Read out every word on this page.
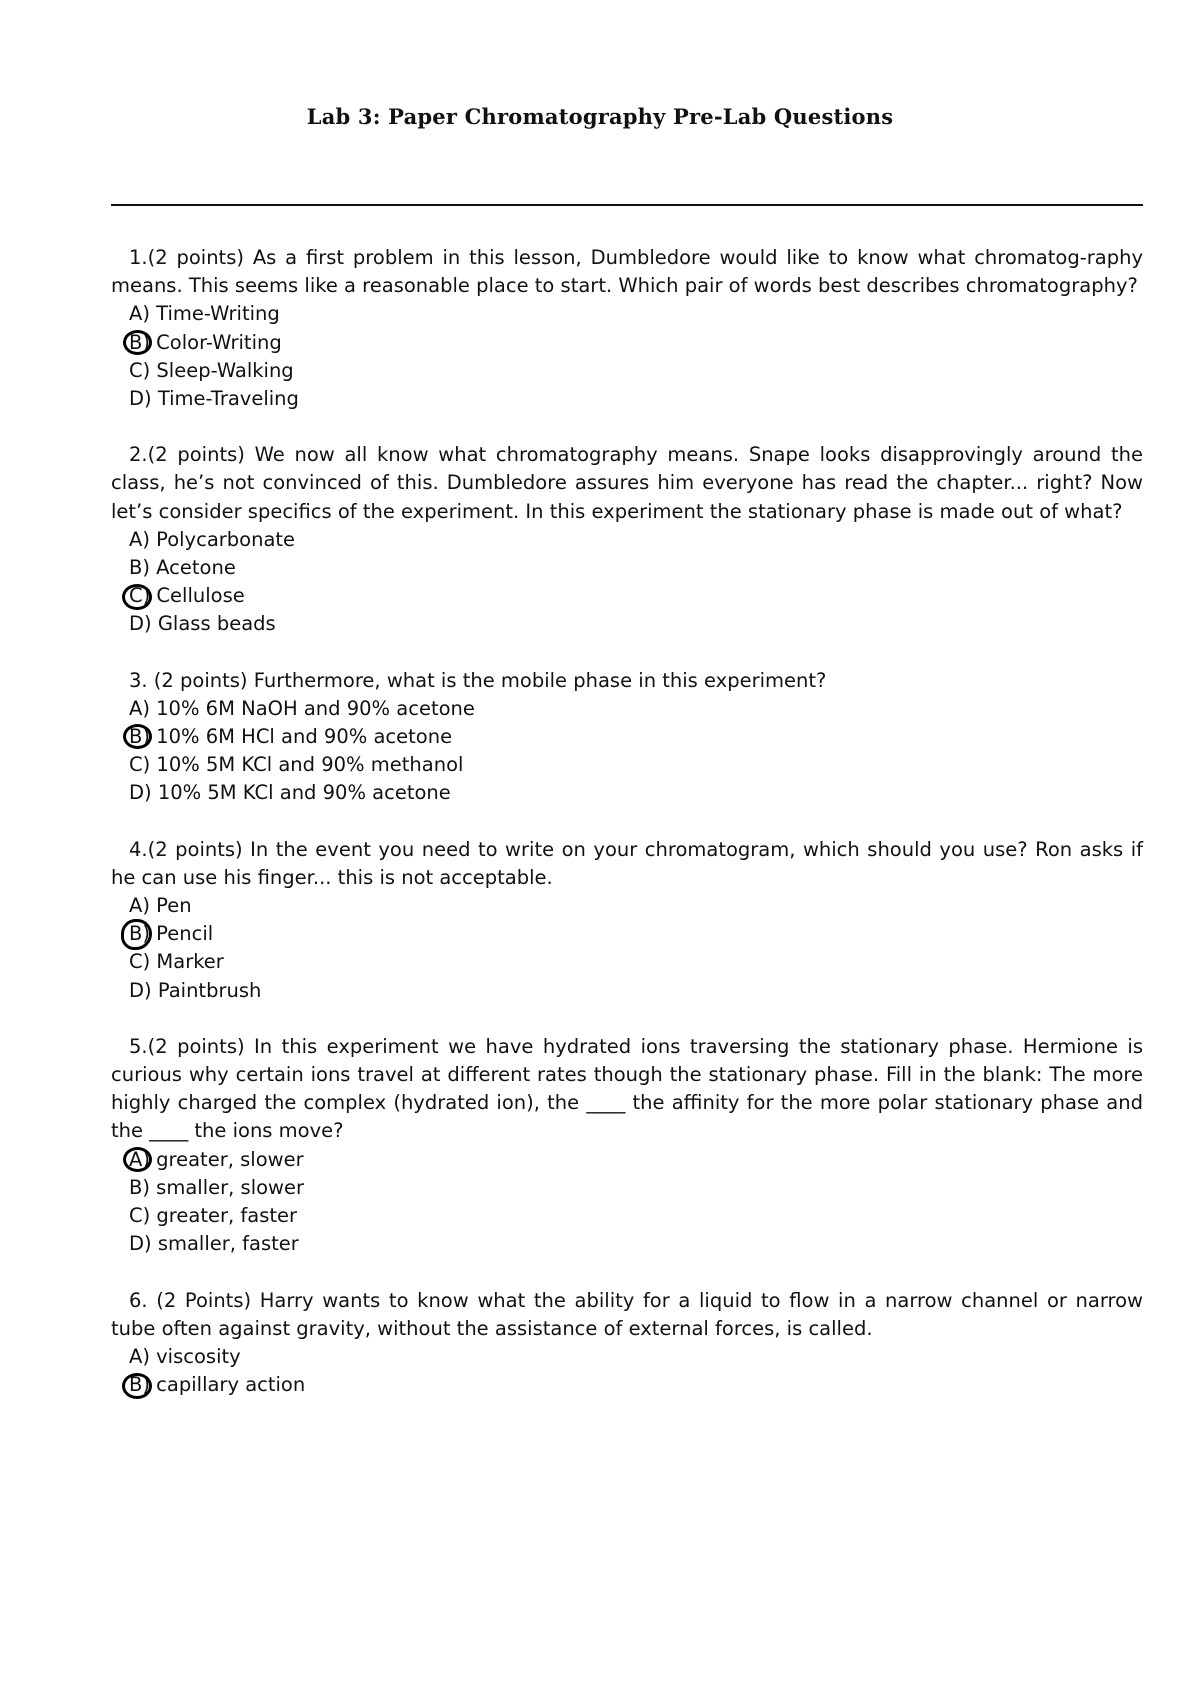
Lab 3: Paper Chromatography Pre-Lab Questions

1.(2 points) As a first problem in this lesson, Dumbledore would like to know what chromatog-raphy means. This seems like a reasonable place to start. Which pair of words best describes chromatography?

A) Time-Writing
B) Color-Writing
C) Sleep-Walking
D) Time-Traveling

2.(2 points) We now all know what chromatography means. Snape looks disapprovingly around the class, he’s not convinced of this. Dumbledore assures him everyone has read the chapter... right? Now let’s consider specifics of the experiment. In this experiment the stationary phase is made out of what?

A) Polycarbonate
B) Acetone
C) Cellulose
D) Glass beads

3. (2 points) Furthermore, what is the mobile phase in this experiment?

A) 10% 6M NaOH and 90% acetone
B) 10% 6M HCl and 90% acetone
C) 10% 5M KCl and 90% methanol
D) 10% 5M KCl and 90% acetone

4.(2 points) In the event you need to write on your chromatogram, which should you use? Ron asks if he can use his finger... this is not acceptable.

A) Pen
B) Pencil
C) Marker
D) Paintbrush

5.(2 points) In this experiment we have hydrated ions traversing the stationary phase. Hermione is curious why certain ions travel at different rates though the stationary phase. Fill in the blank: The more highly charged the complex (hydrated ion), the ____ the affinity for the more polar stationary phase and the ____ the ions move?

A) greater, slower
B) smaller, slower
C) greater, faster
D) smaller, faster

6. (2 Points) Harry wants to know what the ability for a liquid to flow in a narrow channel or narrow tube often against gravity, without the assistance of external forces, is called.

A) viscosity
B) capillary action
